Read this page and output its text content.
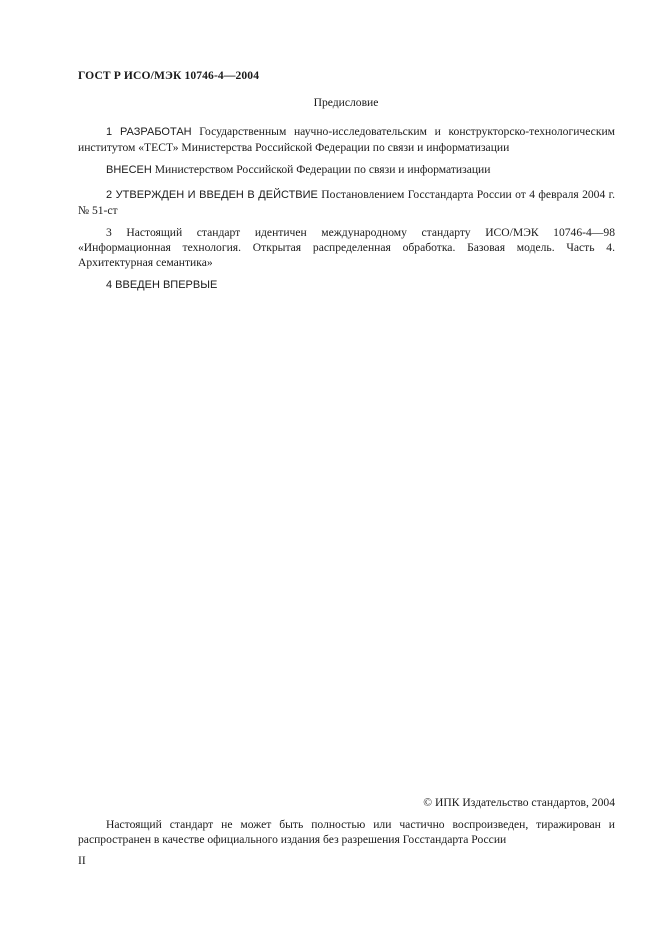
ГОСТ Р ИСО/МЭК 10746-4—2004
Предисловие
1 РАЗРАБОТАН Государственным научно-исследовательским и конструкторско-технологическим институтом «ТЕСТ» Министерства Российской Федерации по связи и информатизации
ВНЕСЕН Министерством Российской Федерации по связи и информатизации
2 УТВЕРЖДЕН И ВВЕДЕН В ДЕЙСТВИЕ Постановлением Госстандарта России от 4 февраля 2004 г. № 51-ст
3 Настоящий стандарт идентичен международному стандарту ИСО/МЭК 10746-4—98 «Информационная технология. Открытая распределенная обработка. Базовая модель. Часть 4. Архитектурная семантика»
4 ВВЕДЕН ВПЕРВЫЕ
© ИПК Издательство стандартов, 2004
Настоящий стандарт не может быть полностью или частично воспроизведен, тиражирован и распространен в качестве официального издания без разрешения Госстандарта России
II
